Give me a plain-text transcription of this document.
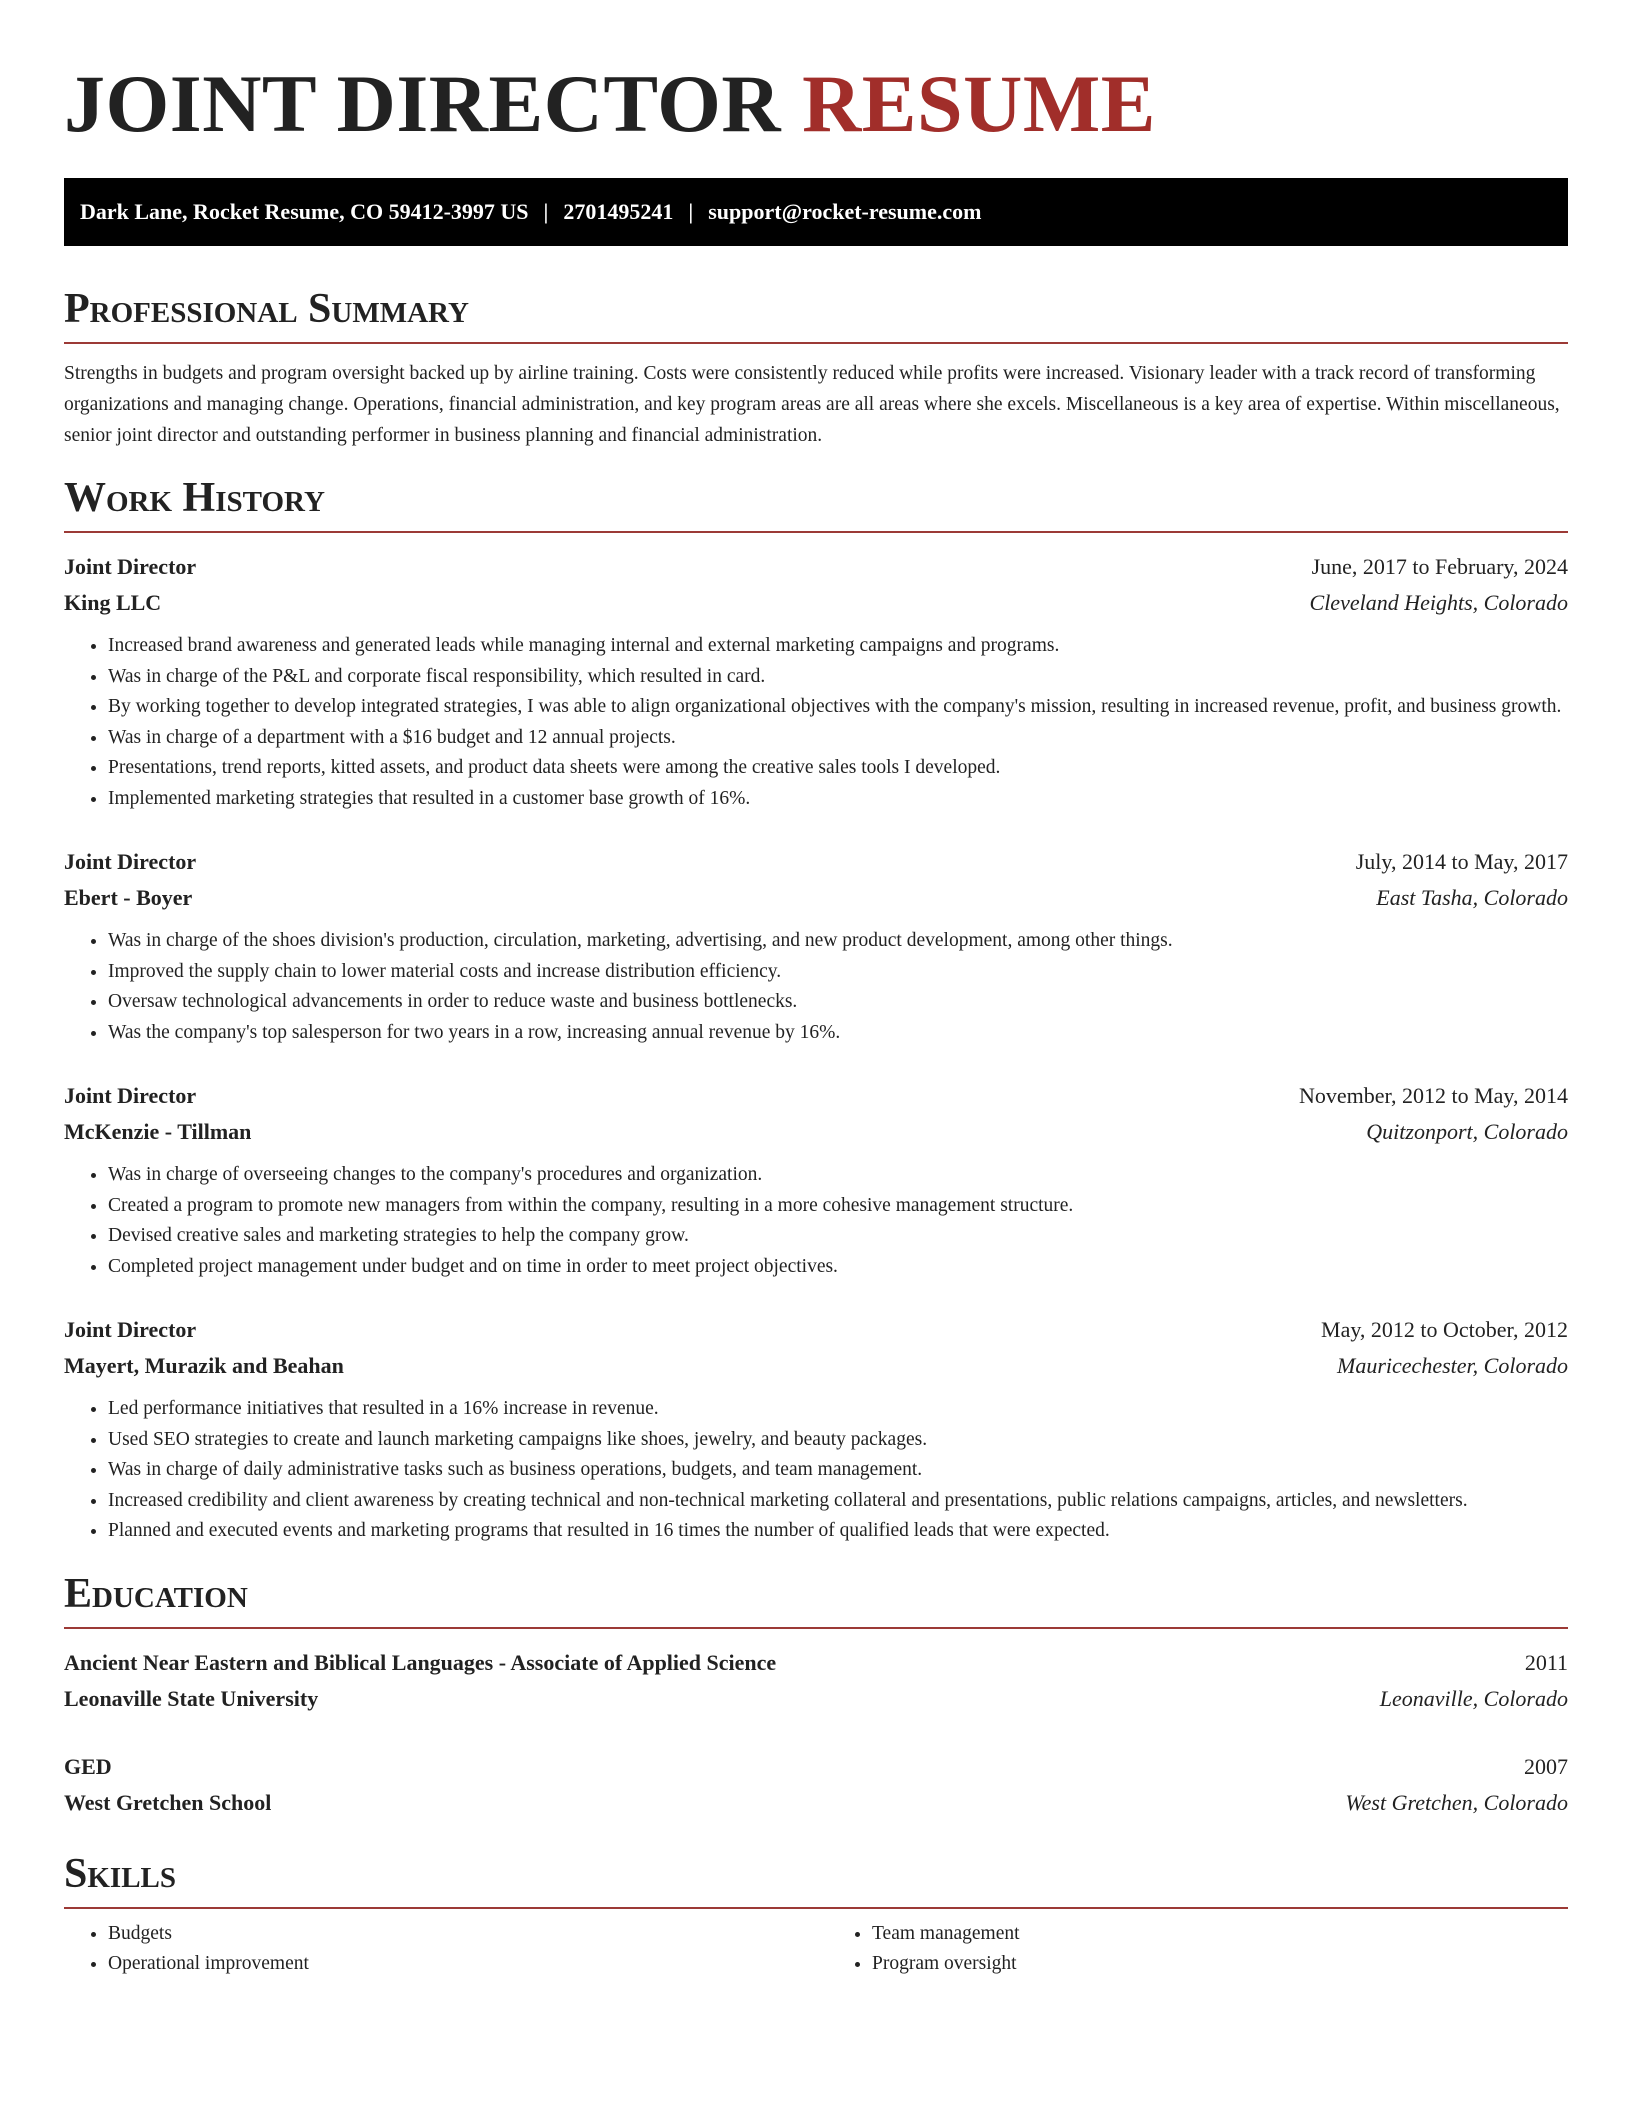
JOINT DIRECTOR RESUME
Dark Lane, Rocket Resume, CO 59412-3997 US | 2701495241 | support@rocket-resume.com
Professional Summary

Strengths in budgets and program oversight backed up by airline training. Costs were consistently reduced while profits were increased. Visionary leader with a track record of transforming organizations and managing change. Operations, financial administration, and key program areas are all areas where she excels. Miscellaneous is a key area of expertise. Within miscellaneous, senior joint director and outstanding performer in business planning and financial administration.

Work History
Joint Director	June, 2017 to February, 2024
King LLC	Cleveland Heights, Colorado
• Increased brand awareness and generated leads while managing internal and external marketing campaigns and programs.
• Was in charge of the P&L and corporate fiscal responsibility, which resulted in card.
• By working together to develop integrated strategies, I was able to align organizational objectives with the company's mission, resulting in increased revenue, profit, and business growth.
• Was in charge of a department with a $16 budget and 12 annual projects.
• Presentations, trend reports, kitted assets, and product data sheets were among the creative sales tools I developed.
• Implemented marketing strategies that resulted in a customer base growth of 16%.
Joint Director	July, 2014 to May, 2017
Ebert - Boyer	East Tasha, Colorado
• Was in charge of the shoes division's production, circulation, marketing, advertising, and new product development, among other things.
• Improved the supply chain to lower material costs and increase distribution efficiency.
• Oversaw technological advancements in order to reduce waste and business bottlenecks.
• Was the company's top salesperson for two years in a row, increasing annual revenue by 16%.
Joint Director	November, 2012 to May, 2014
McKenzie - Tillman	Quitzonport, Colorado
• Was in charge of overseeing changes to the company's procedures and organization.
• Created a program to promote new managers from within the company, resulting in a more cohesive management structure.
• Devised creative sales and marketing strategies to help the company grow.
• Completed project management under budget and on time in order to meet project objectives.
Joint Director	May, 2012 to October, 2012
Mayert, Murazik and Beahan	Mauricechester, Colorado
• Led performance initiatives that resulted in a 16% increase in revenue.
• Used SEO strategies to create and launch marketing campaigns like shoes, jewelry, and beauty packages.
• Was in charge of daily administrative tasks such as business operations, budgets, and team management.
• Increased credibility and client awareness by creating technical and non-technical marketing collateral and presentations, public relations campaigns, articles, and newsletters.
• Planned and executed events and marketing programs that resulted in 16 times the number of qualified leads that were expected.
Education
Ancient Near Eastern and Biblical Languages - Associate of Applied Science	2011
Leonaville State University	Leonaville, Colorado
GED	2007
West Gretchen School	West Gretchen, Colorado
Skills
• Budgets
• Operational improvement
• Team management
• Program oversight
